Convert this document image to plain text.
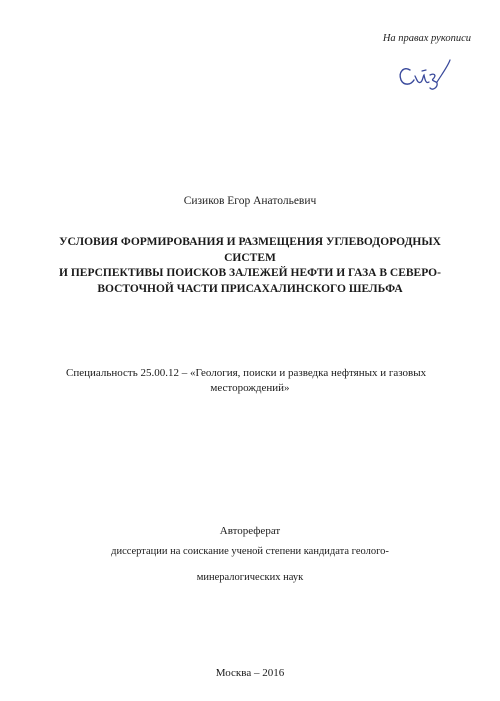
На правах рукописи
Сизиков Егор Анатольевич
УСЛОВИЯ ФОРМИРОВАНИЯ И РАЗМЕЩЕНИЯ УГЛЕВОДОРОДНЫХ СИСТЕМ
И ПЕРСПЕКТИВЫ ПОИСКОВ ЗАЛЕЖЕЙ НЕФТИ И ГАЗА В СЕВЕРО-
ВОСТОЧНОЙ ЧАСТИ ПРИСАХАЛИНСКОГО ШЕЛЬФА
Специальность 25.00.12 – «Геология, поиски и разведка нефтяных и газовых
месторождений»
Автореферат
диссертации на соискание ученой степени кандидата геолого-
минералогических наук
Москва – 2016
